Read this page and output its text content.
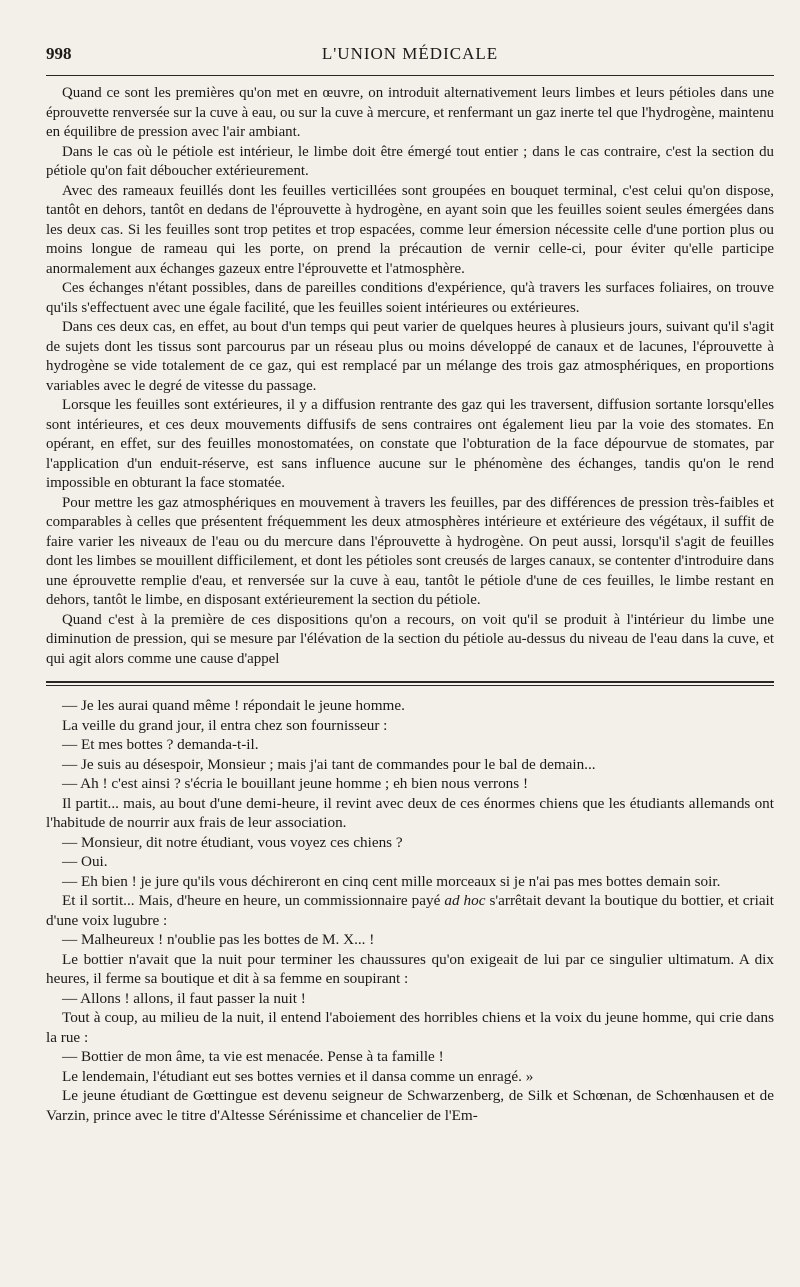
998	L'UNION MÉDICALE

Quand ce sont les premières qu'on met en œuvre, on introduit alternativement leurs limbes et leurs pétioles dans une éprouvette renversée sur la cuve à eau, ou sur la cuve à mercure, et renfermant un gaz inerte tel que l'hydrogène, maintenu en équilibre de pression avec l'air ambiant.

Dans le cas où le pétiole est intérieur, le limbe doit être émergé tout entier ; dans le cas contraire, c'est la section du pétiole qu'on fait déboucher extérieurement.

Avec des rameaux feuillés dont les feuilles verticillées sont groupées en bouquet terminal, c'est celui qu'on dispose, tantôt en dehors, tantôt en dedans de l'éprouvette à hydrogène, en ayant soin que les feuilles soient seules émergées dans les deux cas. Si les feuilles sont trop petites et trop espacées, comme leur émersion nécessite celle d'une portion plus ou moins longue de rameau qui les porte, on prend la précaution de vernir celle-ci, pour éviter qu'elle participe anormalement aux échanges gazeux entre l'éprouvette et l'atmosphère.

Ces échanges n'étant possibles, dans de pareilles conditions d'expérience, qu'à travers les surfaces foliaires, on trouve qu'ils s'effectuent avec une égale facilité, que les feuilles soient intérieures ou extérieures.

Dans ces deux cas, en effet, au bout d'un temps qui peut varier de quelques heures à plusieurs jours, suivant qu'il s'agit de sujets dont les tissus sont parcourus par un réseau plus ou moins développé de canaux et de lacunes, l'éprouvette à hydrogène se vide totalement de ce gaz, qui est remplacé par un mélange des trois gaz atmosphériques, en proportions variables avec le degré de vitesse du passage.

Lorsque les feuilles sont extérieures, il y a diffusion rentrante des gaz qui les traversent, diffusion sortante lorsqu'elles sont intérieures, et ces deux mouvements diffusifs de sens contraires ont également lieu par la voie des stomates. En opérant, en effet, sur des feuilles monostomatées, on constate que l'obturation de la face dépourvue de stomates, par l'application d'un enduit-réserve, est sans influence aucune sur le phénomène des échanges, tandis qu'on le rend impossible en obturant la face stomatée.

Pour mettre les gaz atmosphériques en mouvement à travers les feuilles, par des différences de pression très-faibles et comparables à celles que présentent fréquemment les deux atmosphères intérieure et extérieure des végétaux, il suffit de faire varier les niveaux de l'eau ou du mercure dans l'éprouvette à hydrogène. On peut aussi, lorsqu'il s'agit de feuilles dont les limbes se mouillent difficilement, et dont les pétioles sont creusés de larges canaux, se contenter d'introduire dans une éprouvette remplie d'eau, et renversée sur la cuve à eau, tantôt le pétiole d'une de ces feuilles, le limbe restant en dehors, tantôt le limbe, en disposant extérieurement la section du pétiole.

Quand c'est à la première de ces dispositions qu'on a recours, on voit qu'il se produit à l'intérieur du limbe une diminution de pression, qui se mesure par l'élévation de la section du pétiole au-dessus du niveau de l'eau dans la cuve, et qui agit alors comme une cause d'appel

— Je les aurai quand même ! répondait le jeune homme.

La veille du grand jour, il entra chez son fournisseur :

— Et mes bottes ? demanda-t-il.

— Je suis au désespoir, Monsieur ; mais j'ai tant de commandes pour le bal de demain...

— Ah ! c'est ainsi ? s'écria le bouillant jeune homme ; eh bien nous verrons !

Il partit... mais, au bout d'une demi-heure, il revint avec deux de ces énormes chiens que les étudiants allemands ont l'habitude de nourrir aux frais de leur association.

— Monsieur, dit notre étudiant, vous voyez ces chiens ?

— Oui.

— Eh bien ! je jure qu'ils vous déchireront en cinq cent mille morceaux si je n'ai pas mes bottes demain soir.

Et il sortit... Mais, d'heure en heure, un commissionnaire payé ad hoc s'arrêtait devant la boutique du bottier, et criait d'une voix lugubre :

— Malheureux ! n'oublie pas les bottes de M. X... !

Le bottier n'avait que la nuit pour terminer les chaussures qu'on exigeait de lui par ce singulier ultimatum. A dix heures, il ferme sa boutique et dit à sa femme en soupirant :

— Allons ! allons, il faut passer la nuit !

Tout à coup, au milieu de la nuit, il entend l'aboiement des horribles chiens et la voix du jeune homme, qui crie dans la rue :

— Bottier de mon âme, ta vie est menacée. Pense à ta famille !

Le lendemain, l'étudiant eut ses bottes vernies et il dansa comme un enragé. »

Le jeune étudiant de Gœttingue est devenu seigneur de Schwarzenberg, de Silk et Schœnan, de Schœnhausen et de Varzin, prince avec le titre d'Altesse Sérénissime et chancelier de l'Em-
